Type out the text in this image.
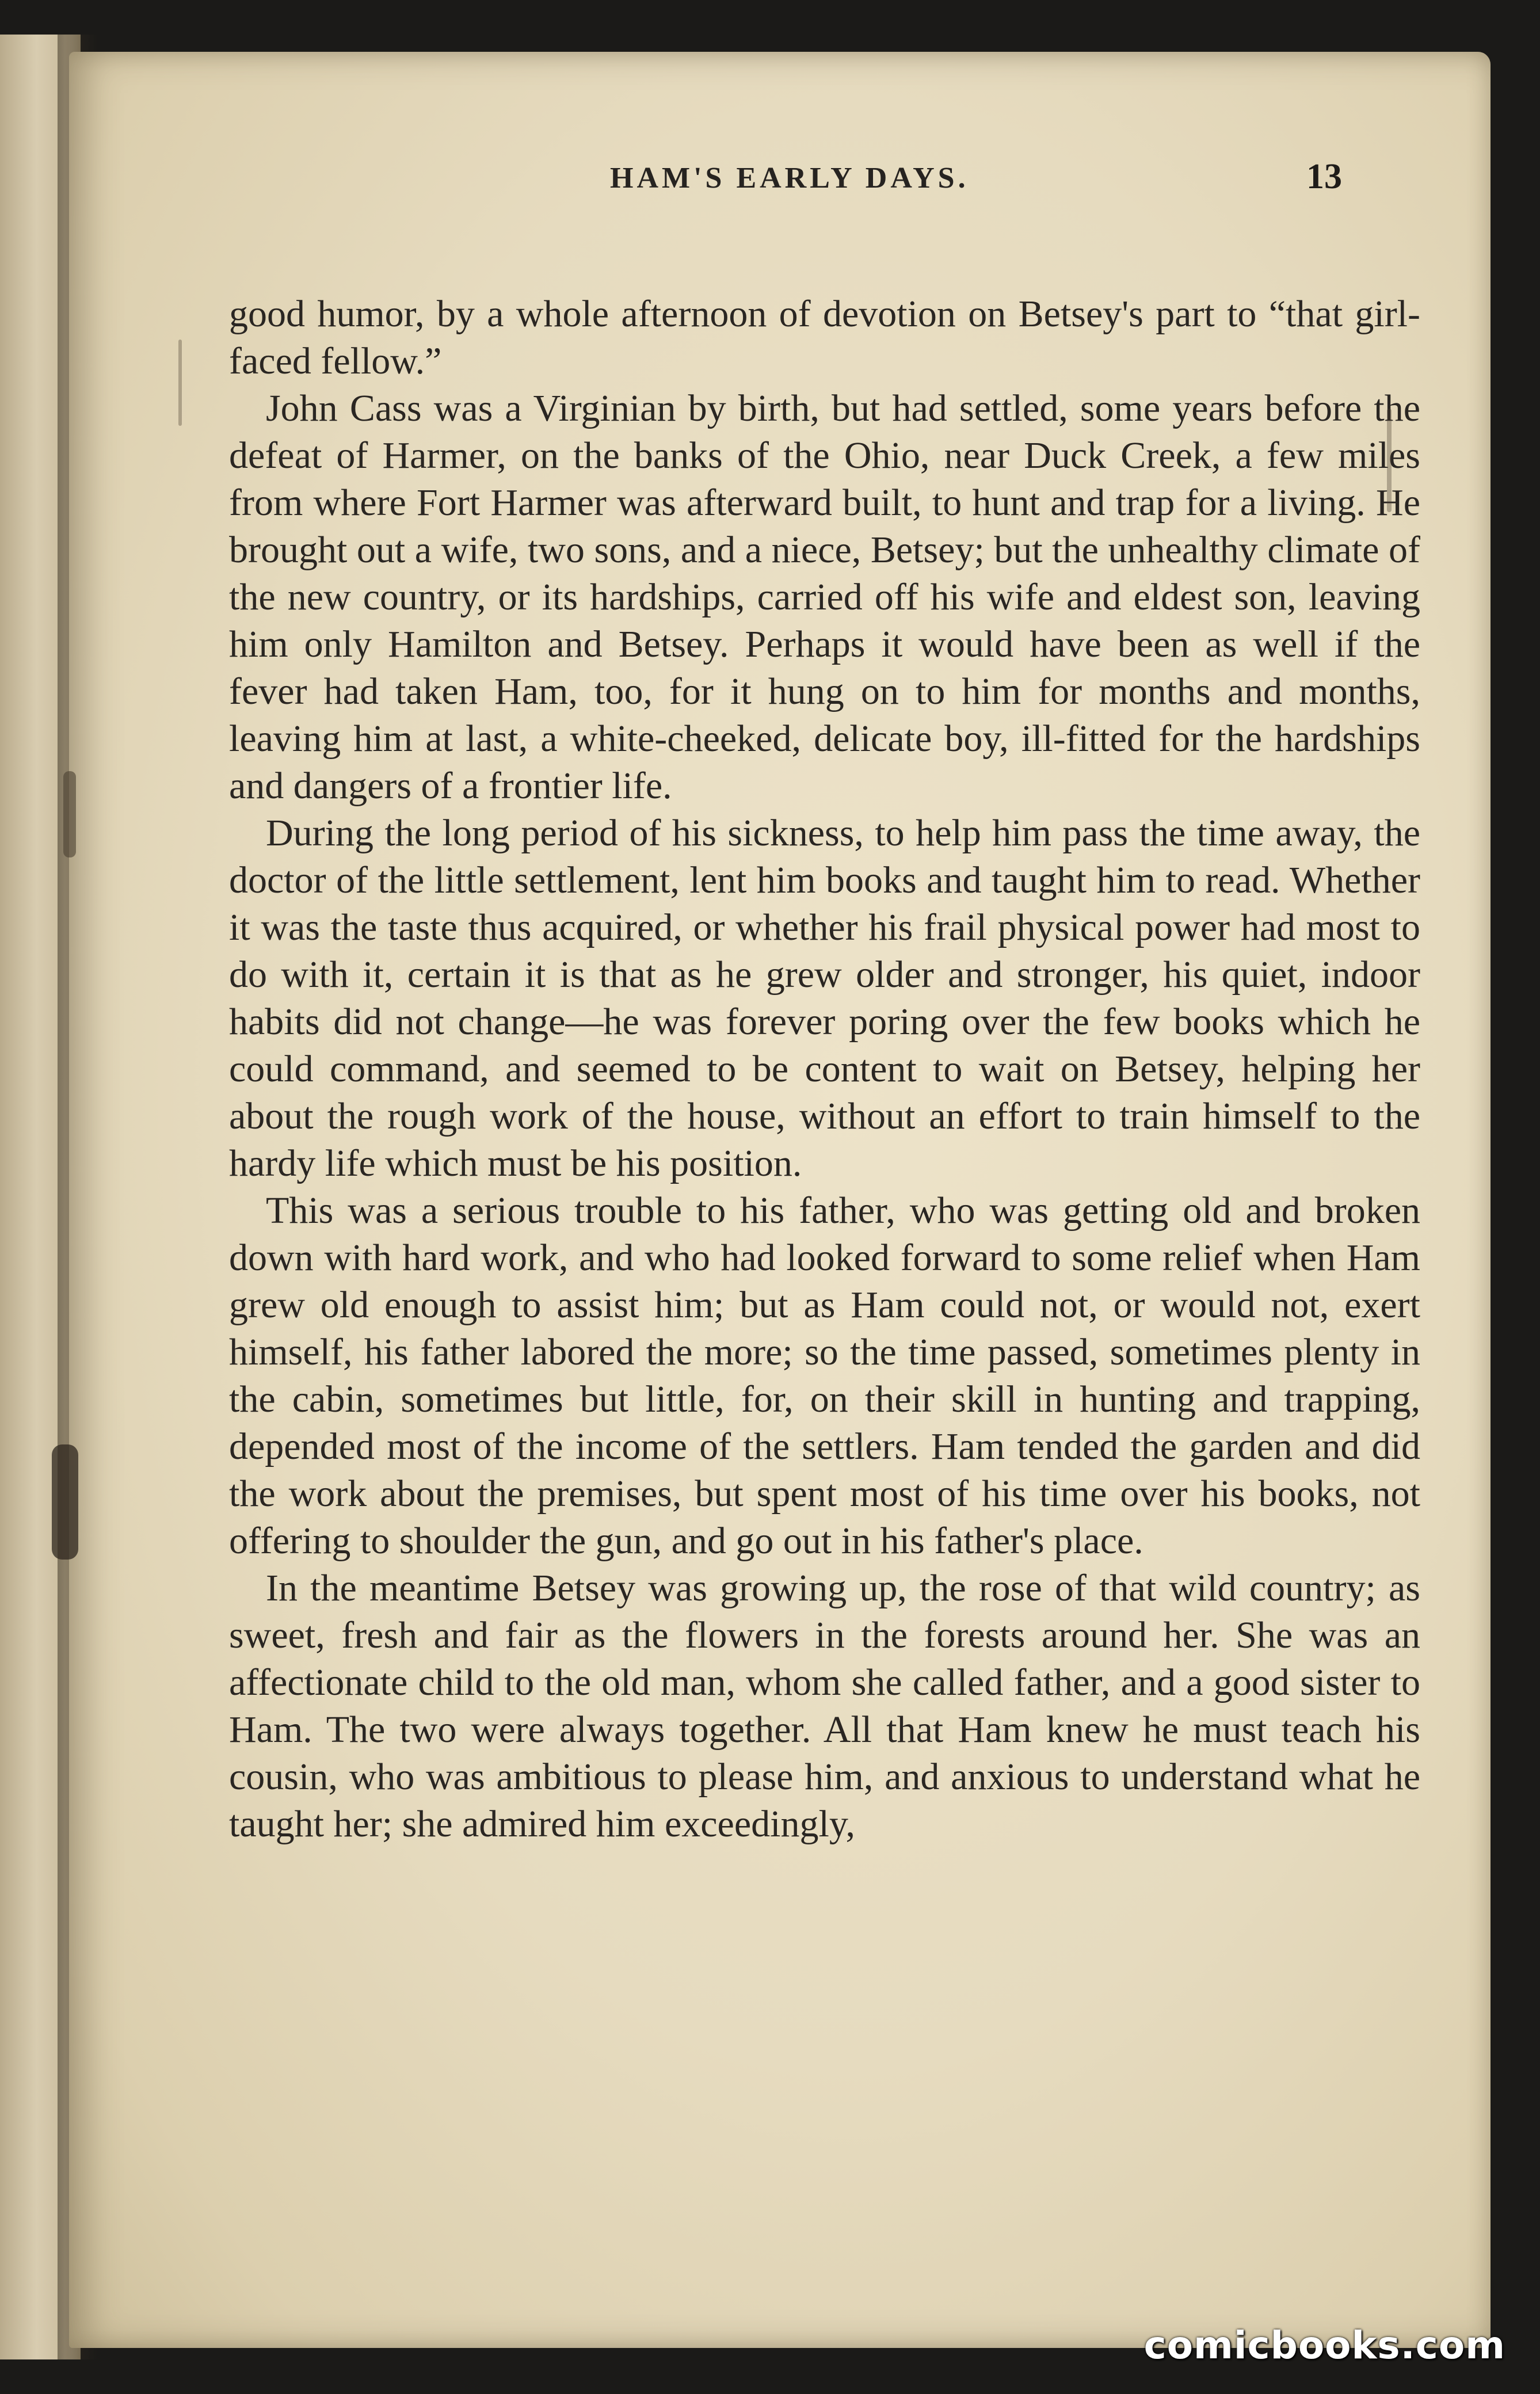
HAM'S EARLY DAYS.	13

good humor, by a whole afternoon of devotion on Betsey's part to “that girl-faced fellow.”

John Cass was a Virginian by birth, but had settled, some years before the defeat of Harmer, on the banks of the Ohio, near Duck Creek, a few miles from where Fort Harmer was afterward built, to hunt and trap for a living. He brought out a wife, two sons, and a niece, Betsey; but the unhealthy climate of the new country, or its hardships, carried off his wife and eldest son, leaving him only Hamilton and Betsey. Perhaps it would have been as well if the fever had taken Ham, too, for it hung on to him for months and months, leaving him at last, a white-cheeked, delicate boy, ill-fitted for the hardships and dangers of a frontier life.

During the long period of his sickness, to help him pass the time away, the doctor of the little settlement, lent him books and taught him to read. Whether it was the taste thus acquired, or whether his frail physical power had most to do with it, certain it is that as he grew older and stronger, his quiet, indoor habits did not change—he was forever poring over the few books which he could command, and seemed to be content to wait on Betsey, helping her about the rough work of the house, without an effort to train himself to the hardy life which must be his position.

This was a serious trouble to his father, who was getting old and broken down with hard work, and who had looked forward to some relief when Ham grew old enough to assist him; but as Ham could not, or would not, exert himself, his father labored the more; so the time passed, sometimes plenty in the cabin, sometimes but little, for, on their skill in hunting and trapping, depended most of the income of the settlers. Ham tended the garden and did the work about the premises, but spent most of his time over his books, not offering to shoulder the gun, and go out in his father's place.

In the meantime Betsey was growing up, the rose of that wild country; as sweet, fresh and fair as the flowers in the forests around her. She was an affectionate child to the old man, whom she called father, and a good sister to Ham. The two were always together. All that Ham knew he must teach his cousin, who was ambitious to please him, and anxious to understand what he taught her; she admired him exceedingly,

comicbooks.com
